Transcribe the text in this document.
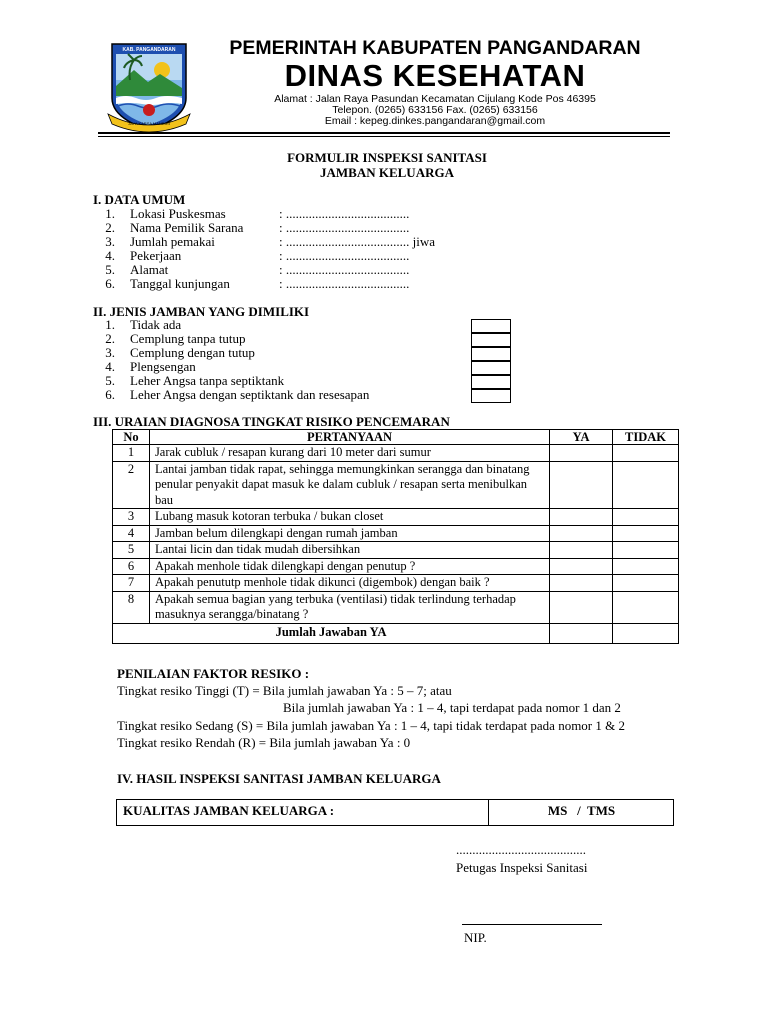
KAB. PANGANDARAN
JAYA KARSA MANDIRI
PEMERINTAH KABUPATEN PANGANDARAN
DINAS KESEHATAN
Alamat : Jalan Raya Pasundan Kecamatan Cijulang Kode Pos 46395
Telepon. (0265) 633156 Fax. (0265) 633156
Email : kepeg.dinkes.pangandaran@gmail.com
FORMULIR INSPEKSI SANITASI
JAMBAN KELUARGA
I. DATA UMUM
1. Lokasi Puskesmas	: ......................................
2. Nama Pemilik Sarana	: ......................................
3. Jumlah pemakai	: ...................................... jiwa
4. Pekerjaan	: ......................................
5. Alamat	: ......................................
6. Tanggal kunjungan	: ......................................
II. JENIS JAMBAN YANG DIMILIKI
1. Tidak ada
2. Cemplung tanpa tutup
3. Cemplung dengan tutup
4. Plengsengan
5. Leher Angsa tanpa septiktank
6. Leher Angsa dengan septiktank dan resesapan
III. URAIAN DIAGNOSA TINGKAT RISIKO PENCEMARAN
No	PERTANYAAN	YA	TIDAK
1	Jarak cubluk / resapan kurang dari 10 meter dari sumur		
2	Lantai jamban tidak rapat, sehingga memungkinkan serangga dan binatang penular penyakit dapat masuk ke dalam cubluk / resapan serta menibulkan bau		
3	Lubang masuk kotoran terbuka / bukan closet		
4	Jamban belum dilengkapi dengan rumah jamban		
5	Lantai licin dan tidak mudah dibersihkan		
6	Apakah menhole tidak dilengkapi dengan penutup ?		
7	Apakah penututp menhole tidak dikunci (digembok) dengan baik ?		
8	Apakah semua bagian yang terbuka (ventilasi) tidak terlindung terhadap masuknya serangga/binatang ?		
Jumlah Jawaban YA			
PENILAIAN FAKTOR RESIKO :
Tingkat resiko Tinggi (T) = Bila jumlah jawaban Ya : 5 – 7; atau
Bila jumlah jawaban Ya : 1 – 4, tapi terdapat pada nomor 1 dan 2
Tingkat resiko Sedang (S) = Bila jumlah jawaban Ya : 1 – 4, tapi tidak terdapat pada nomor 1 & 2
Tingkat resiko Rendah (R) = Bila jumlah jawaban Ya : 0
IV. HASIL INSPEKSI SANITASI JAMBAN KELUARGA
KUALITAS JAMBAN KELUARGA :	MS   /  TMS
........................................
Petugas Inspeksi Sanitasi
NIP.
